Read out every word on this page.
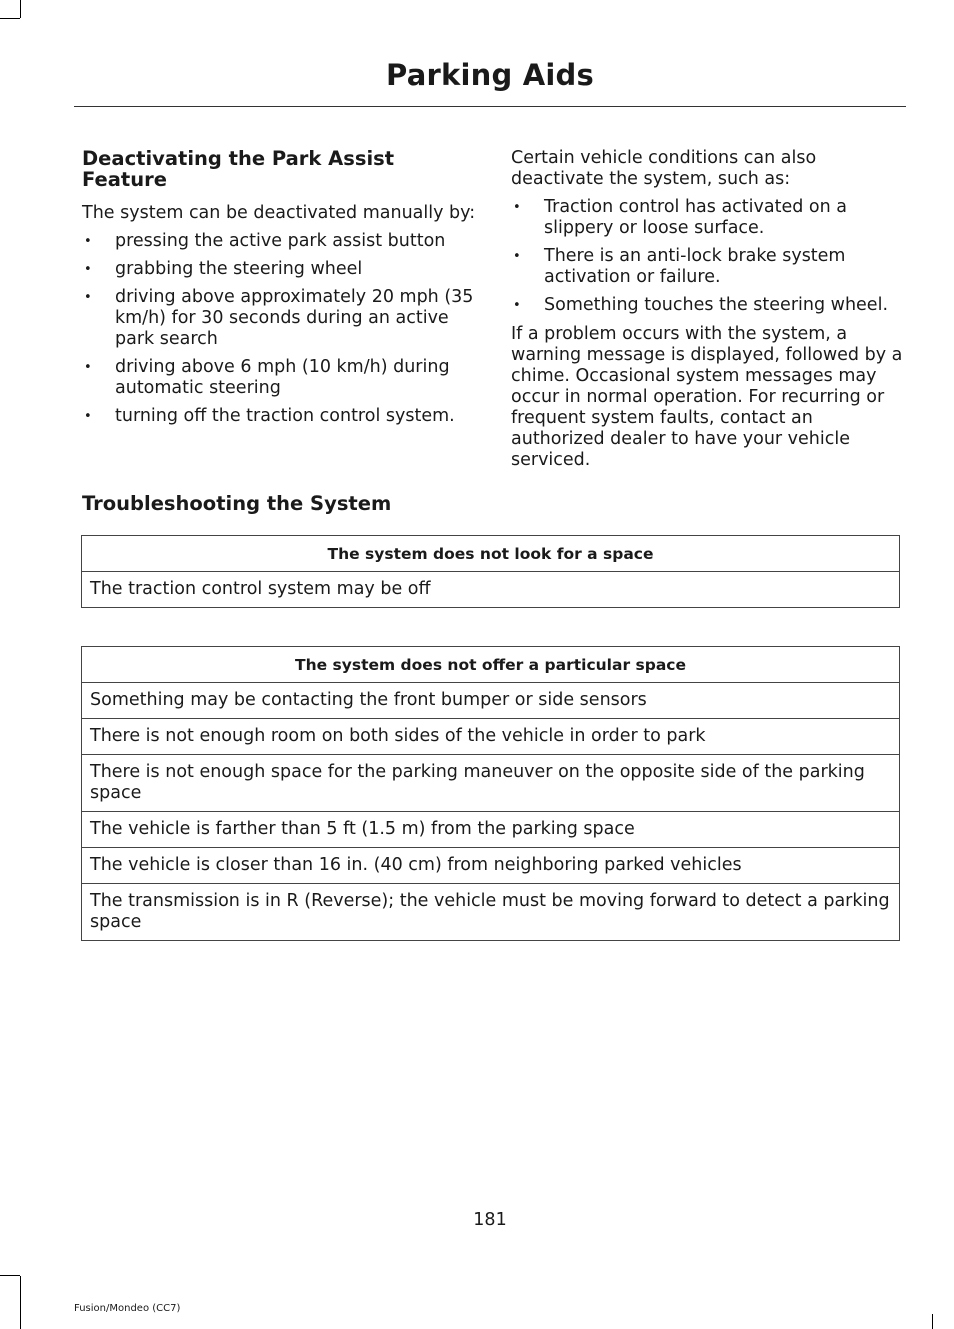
Parking Aids
Deactivating the Park Assist Feature

The system can be deactivated manually by:

• pressing the active park assist button
• grabbing the steering wheel
• driving above approximately 20 mph (35 km/h) for 30 seconds during an active park search
• driving above 6 mph (10 km/h) during automatic steering
• turning off the traction control system.

Certain vehicle conditions can also deactivate the system, such as:

• Traction control has activated on a slippery or loose surface.
• There is an anti-lock brake system activation or failure.
• Something touches the steering wheel.

If a problem occurs with the system, a warning message is displayed, followed by a chime. Occasional system messages may occur in normal operation. For recurring or frequent system faults, contact an authorized dealer to have your vehicle serviced.

Troubleshooting the System
The system does not look for a space
The traction control system may be off
The system does not offer a particular space
Something may be contacting the front bumper or side sensors
There is not enough room on both sides of the vehicle in order to park
There is not enough space for the parking maneuver on the opposite side of the parking space
The vehicle is farther than 5 ft (1.5 m) from the parking space
The vehicle is closer than 16 in. (40 cm) from neighboring parked vehicles
The transmission is in R (Reverse); the vehicle must be moving forward to detect a parking space
181
Fusion/Mondeo (CC7)
